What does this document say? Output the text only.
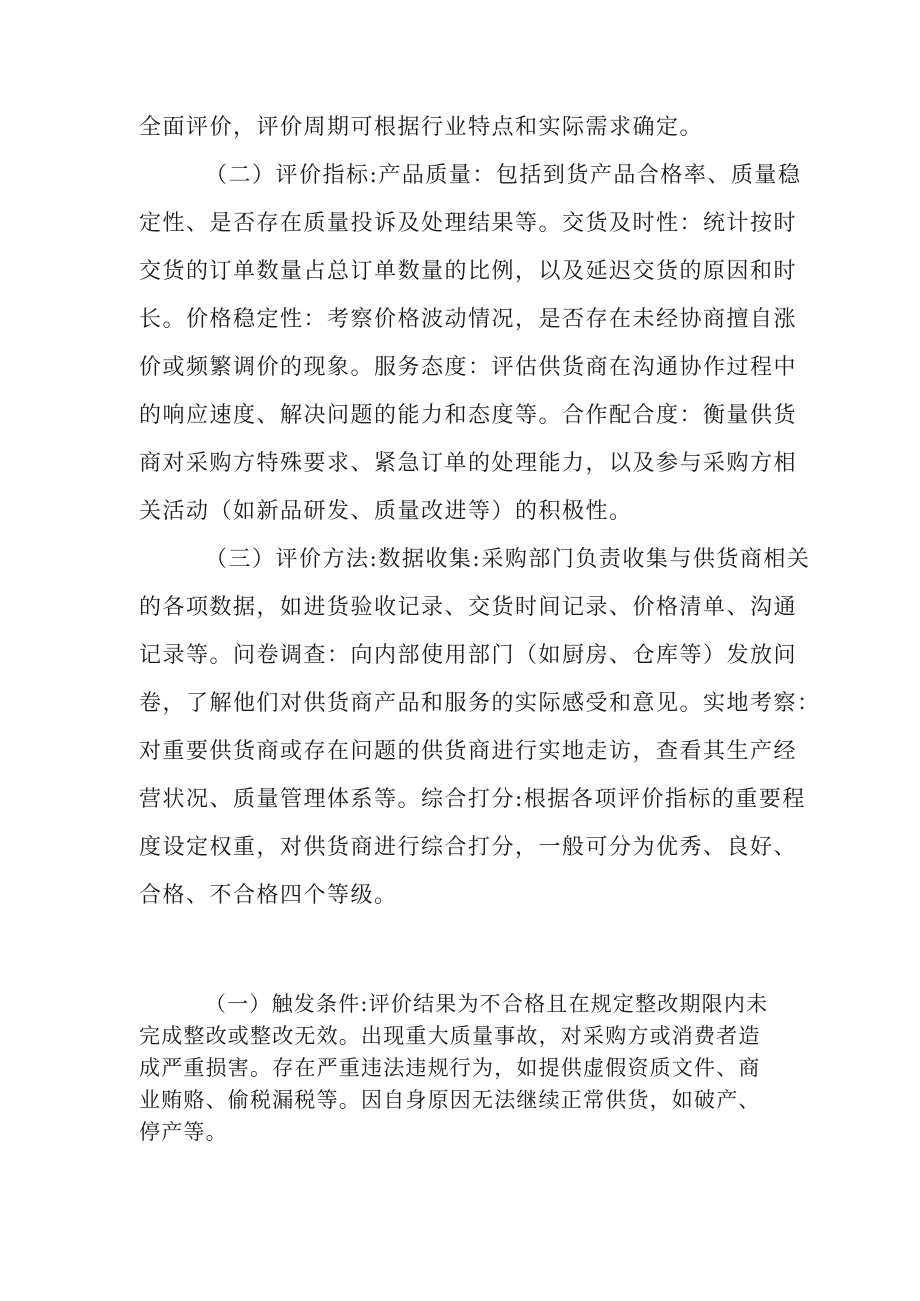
全面评价，评价周期可根据行业特点和实际需求确定。
（二）评价指标:产品质量：包括到货产品合格率、质量稳
定性、是否存在质量投诉及处理结果等。交货及时性：统计按时
交货的订单数量占总订单数量的比例，以及延迟交货的原因和时
长。价格稳定性：考察价格波动情况，是否存在未经协商擅自涨
价或频繁调价的现象。服务态度：评估供货商在沟通协作过程中
的响应速度、解决问题的能力和态度等。合作配合度：衡量供货
商对采购方特殊要求、紧急订单的处理能力，以及参与采购方相
关活动（如新品研发、质量改进等）的积极性。
（三）评价方法:数据收集:采购部门负责收集与供货商相关
的各项数据，如进货验收记录、交货时间记录、价格清单、沟通
记录等。问卷调查：向内部使用部门（如厨房、仓库等）发放问
卷，了解他们对供货商产品和服务的实际感受和意见。实地考察：
对重要供货商或存在问题的供货商进行实地走访，查看其生产经
营状况、质量管理体系等。综合打分:根据各项评价指标的重要程
度设定权重，对供货商进行综合打分，一般可分为优秀、良好、
合格、不合格四个等级。
（一）触发条件:评价结果为不合格且在规定整改期限内未
完成整改或整改无效。出现重大质量事故，对采购方或消费者造
成严重损害。存在严重违法违规行为，如提供虚假资质文件、商
业贿赂、偷税漏税等。因自身原因无法继续正常供货，如破产、
停产等。
